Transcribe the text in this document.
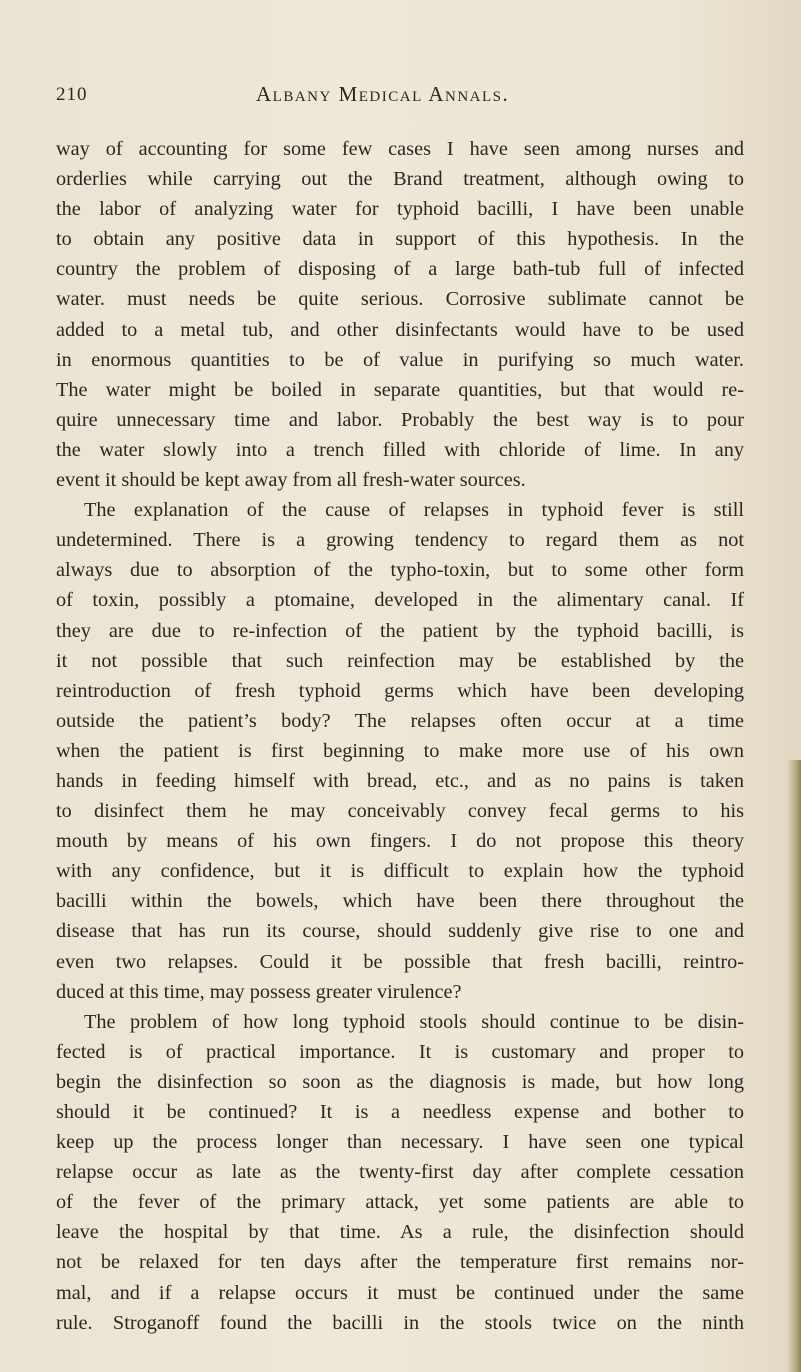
210	Albany Medical Annals.
way of accounting for some few cases I have seen among nurses and
orderlies while carrying out the Brand treatment, although owing to
the labor of analyzing water for typhoid bacilli, I have been unable
to obtain any positive data in support of this hypothesis. In the
country the problem of disposing of a large bath-tub full of infected
water. must needs be quite serious. Corrosive sublimate cannot be
added to a metal tub, and other disinfectants would have to be used
in enormous quantities to be of value in purifying so much water.
The water might be boiled in separate quantities, but that would re-
quire unnecessary time and labor. Probably the best way is to pour
the water slowly into a trench filled with chloride of lime. In any
event it should be kept away from all fresh-water sources.
The explanation of the cause of relapses in typhoid fever is still
undetermined. There is a growing tendency to regard them as not
always due to absorption of the typho-toxin, but to some other form
of toxin, possibly a ptomaine, developed in the alimentary canal. If
they are due to re-infection of the patient by the typhoid bacilli, is
it not possible that such reinfection may be established by the
reintroduction of fresh typhoid germs which have been developing
outside the patient’s body? The relapses often occur at a time
when the patient is first beginning to make more use of his own
hands in feeding himself with bread, etc., and as no pains is taken
to disinfect them he may conceivably convey fecal germs to his
mouth by means of his own fingers. I do not propose this theory
with any confidence, but it is difficult to explain how the typhoid
bacilli within the bowels, which have been there throughout the
disease that has run its course, should suddenly give rise to one and
even two relapses. Could it be possible that fresh bacilli, reintro-
duced at this time, may possess greater virulence?
The problem of how long typhoid stools should continue to be disin-
fected is of practical importance. It is customary and proper to
begin the disinfection so soon as the diagnosis is made, but how long
should it be continued? It is a needless expense and bother to
keep up the process longer than necessary. I have seen one typical
relapse occur as late as the twenty-first day after complete cessation
of the fever of the primary attack, yet some patients are able to
leave the hospital by that time. As a rule, the disinfection should
not be relaxed for ten days after the temperature first remains nor-
mal, and if a relapse occurs it must be continued under the same
rule. Stroganoff found the bacilli in the stools twice on the ninth
